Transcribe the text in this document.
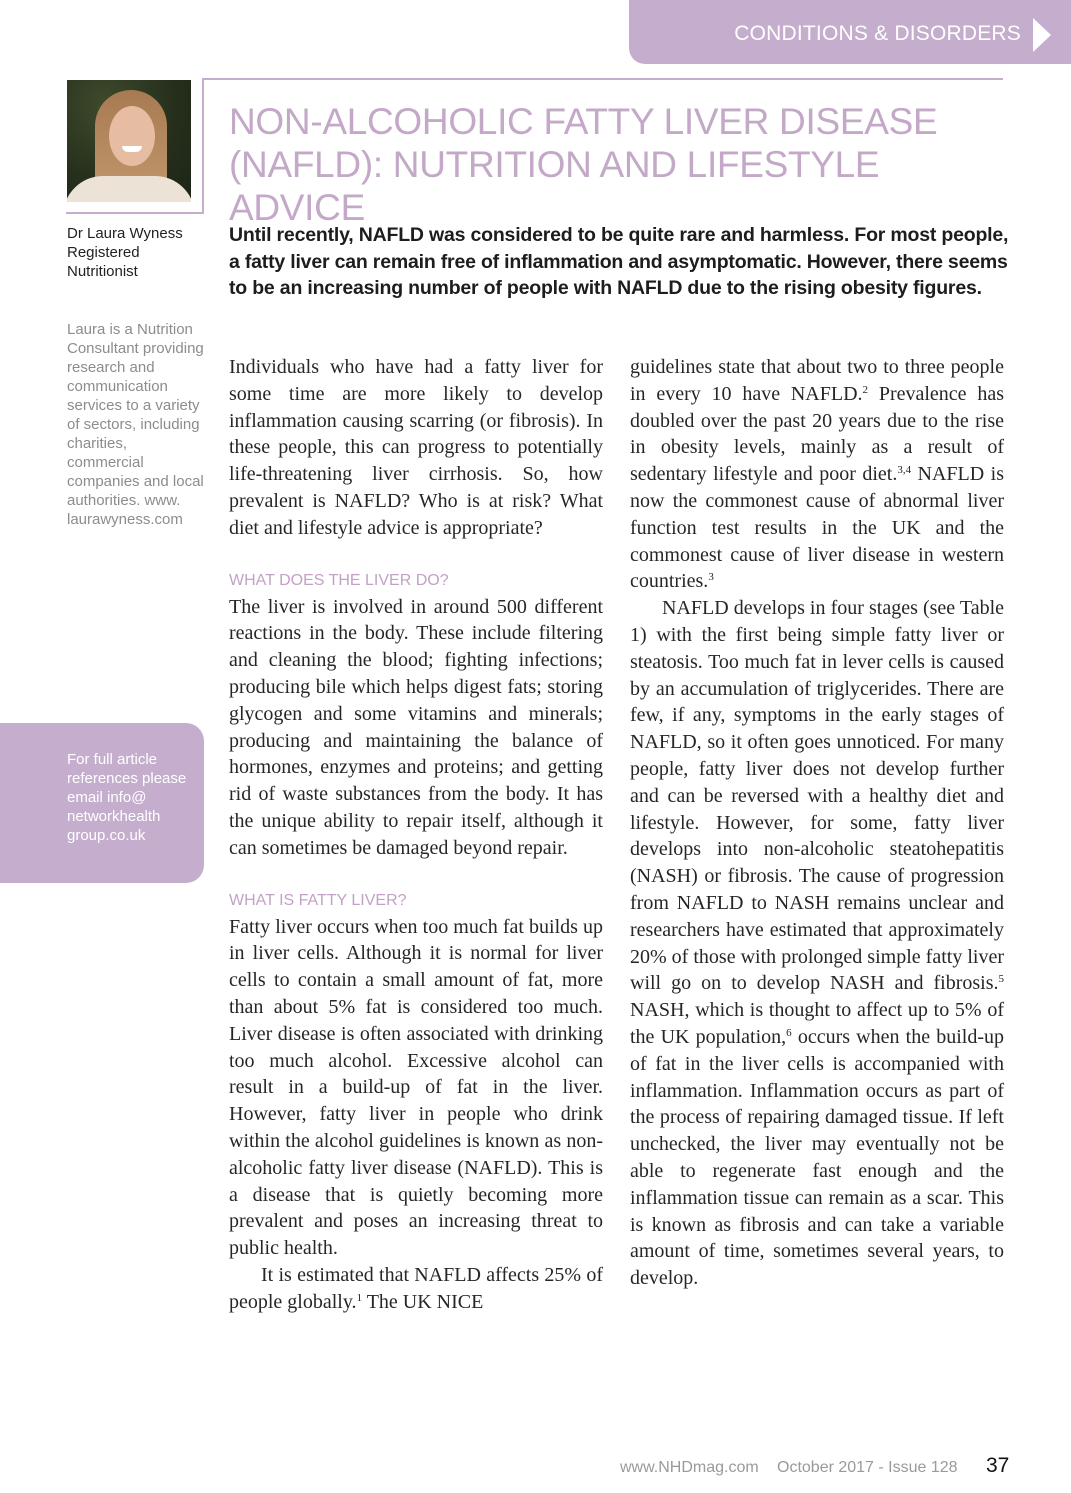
CONDITIONS & DISORDERS
Dr Laura Wyness
Registered
Nutritionist
Laura is a Nutrition Consultant providing research and communication services to a variety of sectors, including charities, commercial companies and local authorities. www. laurawyness.com
For full article references please email info@ networkhealth group.co.uk
NON-ALCOHOLIC FATTY LIVER DISEASE (NAFLD): NUTRITION AND LIFESTYLE ADVICE

Until recently, NAFLD was considered to be quite rare and harmless. For most people, a fatty liver can remain free of inflammation and asymptomatic. However, there seems to be an increasing number of people with NAFLD due to the rising obesity figures.

Individuals who have had a fatty liver for some time are more likely to develop inflammation causing scarring (or fibrosis). In these people, this can progress to potentially life-threatening liver cirrhosis. So, how prevalent is NAFLD? Who is at risk? What diet and lifestyle advice is appropriate?

WHAT DOES THE LIVER DO?

The liver is involved in around 500 different reactions in the body. These include filtering and cleaning the blood; fighting infections; producing bile which helps digest fats; storing glycogen and some vitamins and minerals; producing and maintaining the balance of hormones, enzymes and proteins; and getting rid of waste substances from the body. It has the unique ability to repair itself, although it can sometimes be damaged beyond repair.

WHAT IS FATTY LIVER?

Fatty liver occurs when too much fat builds up in liver cells. Although it is normal for liver cells to contain a small amount of fat, more than about 5% fat is considered too much. Liver disease is often associated with drinking too much alcohol. Excessive alcohol can result in a build-up of fat in the liver. However, fatty liver in people who drink within the alcohol guidelines is known as non-alcoholic fatty liver disease (NAFLD). This is a disease that is quietly becoming more prevalent and poses an increasing threat to public health.

It is estimated that NAFLD affects 25% of people globally.$^1$ The UK NICE

guidelines state that about two to three people in every 10 have NAFLD.$^2$ Prevalence has doubled over the past 20 years due to the rise in obesity levels, mainly as a result of sedentary lifestyle and poor diet.$^{3,4}$ NAFLD is now the commonest cause of abnormal liver function test results in the UK and the commonest cause of liver disease in western countries.$^3$

NAFLD develops in four stages (see Table 1) with the first being simple fatty liver or steatosis. Too much fat in lever cells is caused by an accumulation of triglycerides. There are few, if any, symptoms in the early stages of NAFLD, so it often goes unnoticed. For many people, fatty liver does not develop further and can be reversed with a healthy diet and lifestyle. However, for some, fatty liver develops into non-alcoholic steatohepatitis (NASH) or fibrosis. The cause of progression from NAFLD to NASH remains unclear and researchers have estimated that approximately 20% of those with prolonged simple fatty liver will go on to develop NASH and fibrosis.$^5$ NASH, which is thought to affect up to 5% of the UK population,$^6$ occurs when the build-up of fat in the liver cells is accompanied with inflammation. Inflammation occurs as part of the process of repairing damaged tissue. If left unchecked, the liver may eventually not be able to regenerate fast enough and the inflammation tissue can remain as a scar. This is known as fibrosis and can take a variable amount of time, sometimes several years, to develop.

www.NHDmag.com October 2017 - Issue 128 37
